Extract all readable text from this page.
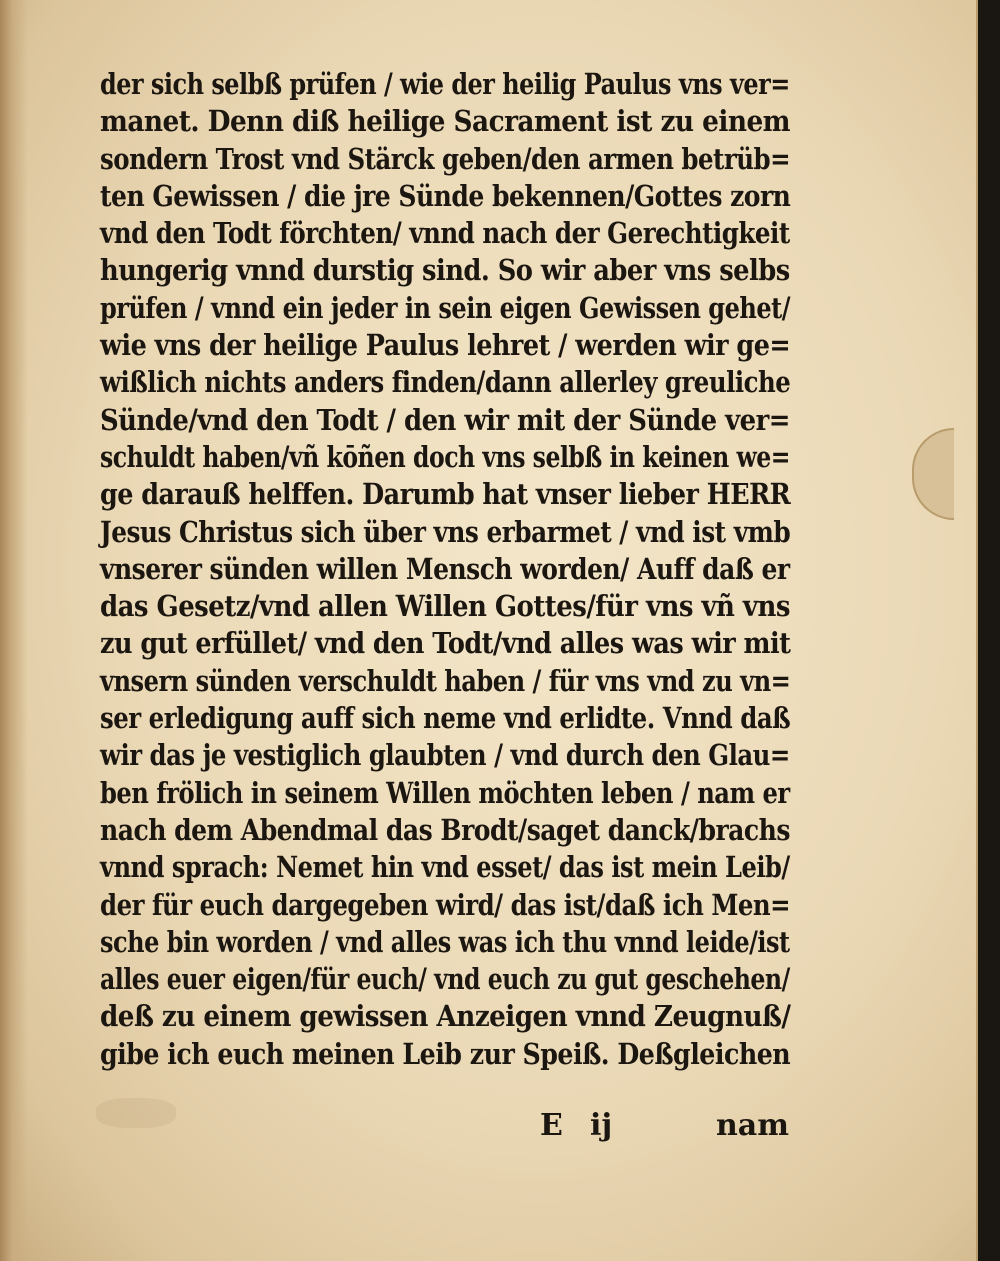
der sich selbß prüfen / wie der heilig Paulus vns ver=
manet. Denn diß heilige Sacrament ist zu einem
sondern Trost vnd Stärck geben/den armen betrüb=
ten Gewissen / die jre Sünde bekennen/Gottes zorn
vnd den Todt förchten/ vnnd nach der Gerechtigkeit
hungerig vnnd durstig sind. So wir aber vns selbs
prüfen / vnnd ein jeder in sein eigen Gewissen gehet/
wie vns der heilige Paulus lehret / werden wir ge=
wißlich nichts anders finden/dann allerley greuliche
Sünde/vnd den Todt / den wir mit der Sünde ver=
schuldt haben/vñ kōñen doch vns selbß in keinen we=
ge darauß helffen. Darumb hat vnser lieber HERR
Jesus Christus sich über vns erbarmet / vnd ist vmb
vnserer sünden willen Mensch worden/ Auff daß er
das Gesetz/vnd allen Willen Gottes/für vns vñ vns
zu gut erfüllet/ vnd den Todt/vnd alles was wir mit
vnsern sünden verschuldt haben / für vns vnd zu vn=
ser erledigung auff sich neme vnd erlidte. Vnnd daß
wir das je vestiglich glaubten / vnd durch den Glau=
ben frölich in seinem Willen möchten leben / nam er
nach dem Abendmal das Brodt/saget danck/brachs
vnnd sprach: Nemet hin vnd esset/ das ist mein Leib/
der für euch dargegeben wird/ das ist/daß ich Men=
sche bin worden / vnd alles was ich thu vnnd leide/ist
alles euer eigen/für euch/ vnd euch zu gut geschehen/
deß zu einem gewissen Anzeigen vnnd Zeugnuß/
gibe ich euch meinen Leib zur Speiß. Deßgleichen
E ij	nam
